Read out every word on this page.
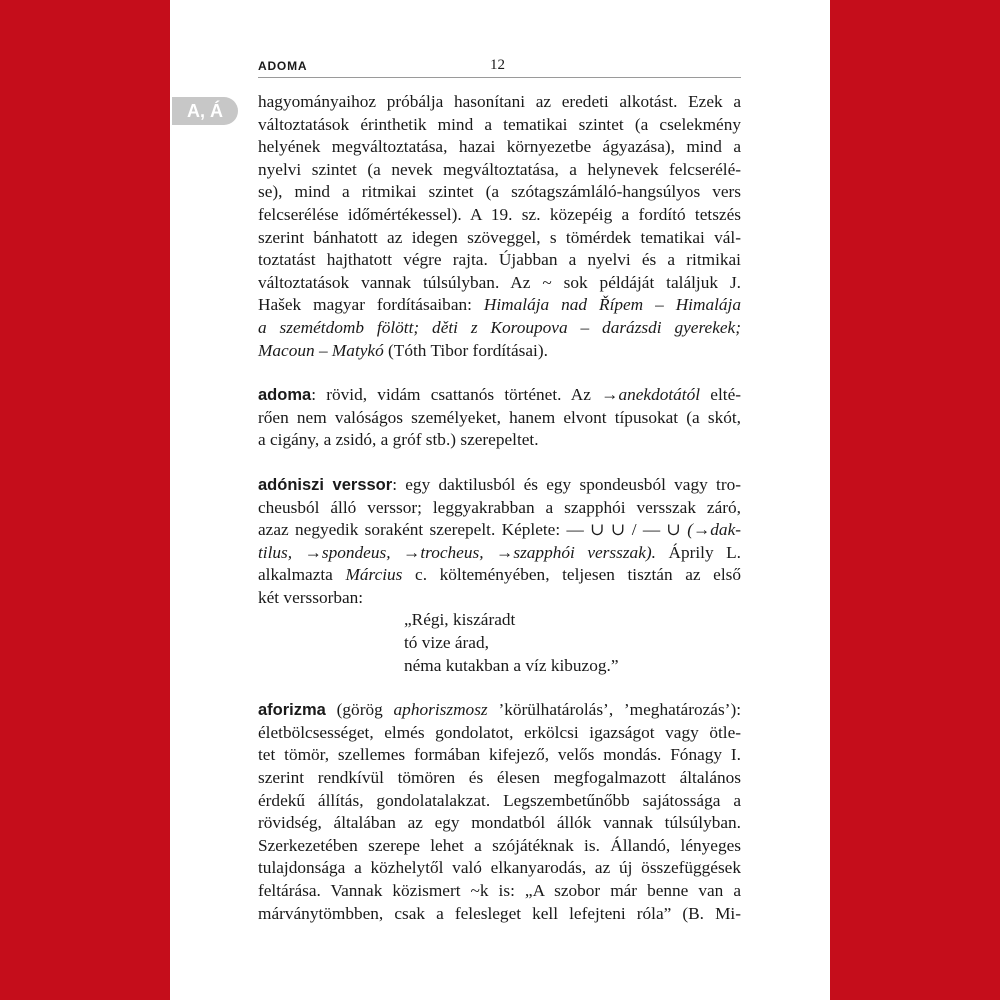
ADOMA	12
A, Á	hagyományaihoz próbálja hasonítani az eredeti alkotást. Ezek a
változtatások érinthetik mind a tematikai szintet (a cselekmény
helyének megváltoztatása, hazai környezetbe ágyazása), mind a
nyelvi szintet (a nevek megváltoztatása, a helynevek felcserélé-
se), mind a ritmikai szintet (a szótagszámláló-hangsúlyos vers
felcserélése időmértékessel). A 19. sz. közepéig a fordító tetszés
szerint bánhatott az idegen szöveggel, s tömérdek tematikai vál-
toztatást hajthatott végre rajta. Újabban a nyelvi és a ritmikai
változtatások vannak túlsúlyban. Az ~ sok példáját találjuk J.
Hašek magyar fordításaiban: Himalája nad Řípem – Himalája
a szemétdomb fölött; děti z Koroupova – darázsdi gyerekek;
Macoun – Matykó (Tóth Tibor fordításai).
adoma: rövid, vidám csattanós történet. Az →anekdotától elté-
rően nem valóságos személyeket, hanem elvont típusokat (a skót,
a cigány, a zsidó, a gróf stb.) szerepeltet.
adóniszi verssor: egy daktilusból és egy spondeusból vagy tro-
cheusból álló verssor; leggyakrabban a szapphói versszak záró,
azaz negyedik soraként szerepelt. Képlete: — ∪ ∪ / — ∪ (→dak-
tilus, →spondeus, →trocheus, →szapphói versszak). Áprily L.
alkalmazta Március c. költeményében, teljesen tisztán az első
két verssorban:
„Régi, kiszáradt
tó vize árad,
néma kutakban a víz kibuzog.”
aforizma (görög aphoriszmosz ’körülhatárolás’, ’meghatározás’):
életbölcsességet, elmés gondolatot, erkölcsi igazságot vagy ötle-
tet tömör, szellemes formában kifejező, velős mondás. Fónagy I.
szerint rendkívül tömören és élesen megfogalmazott általános
érdekű állítás, gondolatalakzat. Legszembetűnőbb sajátossága a
rövidség, általában az egy mondatból állók vannak túlsúlyban.
Szerkezetében szerepe lehet a szójátéknak is. Állandó, lényeges
tulajdonsága a közhelytől való elkanyarodás, az új összefüggések
feltárása. Vannak közismert ~k is: „A szobor már benne van a
márványtömbben, csak a felesleget kell lefejteni róla” (B. Mi-
